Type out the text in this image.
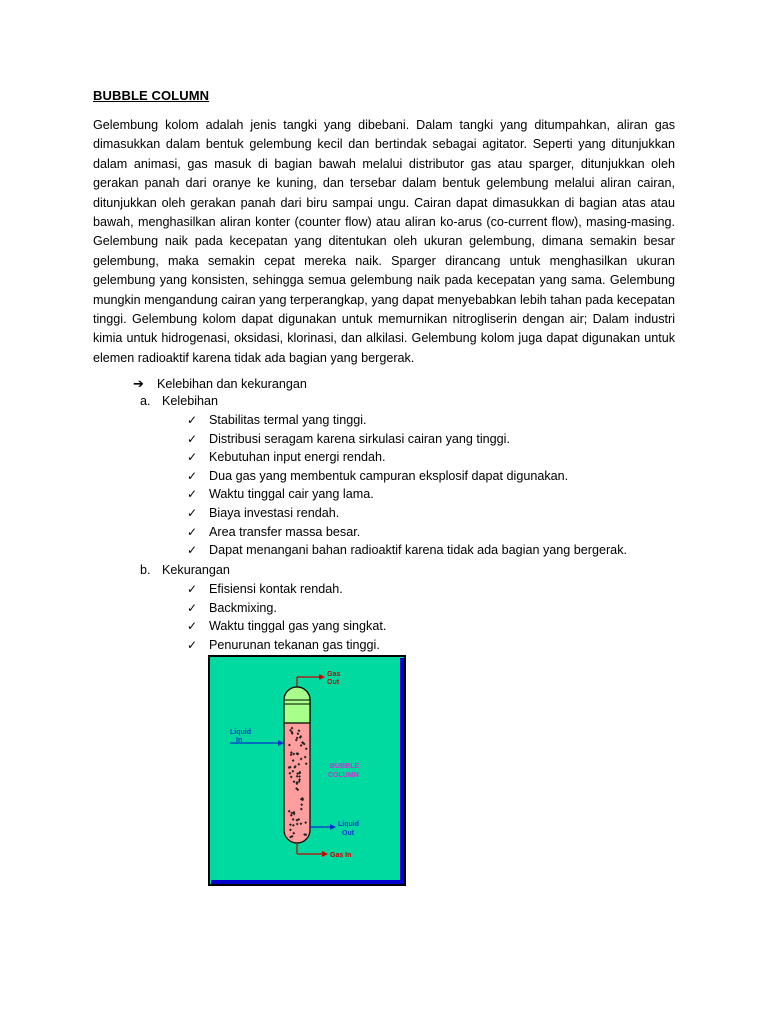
BUBBLE COLUMN
Gelembung kolom adalah jenis tangki yang dibebani. Dalam tangki yang ditumpahkan, aliran gas dimasukkan dalam bentuk gelembung kecil dan bertindak sebagai agitator. Seperti yang ditunjukkan dalam animasi, gas masuk di bagian bawah melalui distributor gas atau sparger, ditunjukkan oleh gerakan panah dari oranye ke kuning, dan tersebar dalam bentuk gelembung melalui aliran cairan, ditunjukkan oleh gerakan panah dari biru sampai ungu. Cairan dapat dimasukkan di bagian atas atau bawah, menghasilkan aliran konter (counter flow) atau aliran ko-arus (co-current flow), masing-masing. Gelembung naik pada kecepatan yang ditentukan oleh ukuran gelembung, dimana semakin besar gelembung, maka semakin cepat mereka naik. Sparger dirancang untuk menghasilkan ukuran gelembung yang konsisten, sehingga semua gelembung naik pada kecepatan yang sama. Gelembung mungkin mengandung cairan yang terperangkap, yang dapat menyebabkan lebih tahan pada kecepatan tinggi. Gelembung kolom dapat digunakan untuk memurnikan nitrogliserin dengan air; Dalam industri kimia untuk hidrogenasi, oksidasi, klorinasi, dan alkilasi. Gelembung kolom juga dapat digunakan untuk elemen radioaktif karena tidak ada bagian yang bergerak.
➔ Kelebihan dan kekurangan
a. Kelebihan
✓ Stabilitas termal yang tinggi.
✓ Distribusi seragam karena sirkulasi cairan yang tinggi.
✓ Kebutuhan input energi rendah.
✓ Dua gas yang membentuk campuran eksplosif dapat digunakan.
✓ Waktu tinggal cair yang lama.
✓ Biaya investasi rendah.
✓ Area transfer massa besar.
✓ Dapat menangani bahan radioaktif karena tidak ada bagian yang bergerak.
b. Kekurangan
✓ Efisiensi kontak rendah.
✓ Backmixing.
✓ Waktu tinggal gas yang singkat.
✓ Penurunan tekanan gas tinggi.
Gas
Out
Liquid
In
BUBBLE
COLUMN
Liquid
Out
Gas In
